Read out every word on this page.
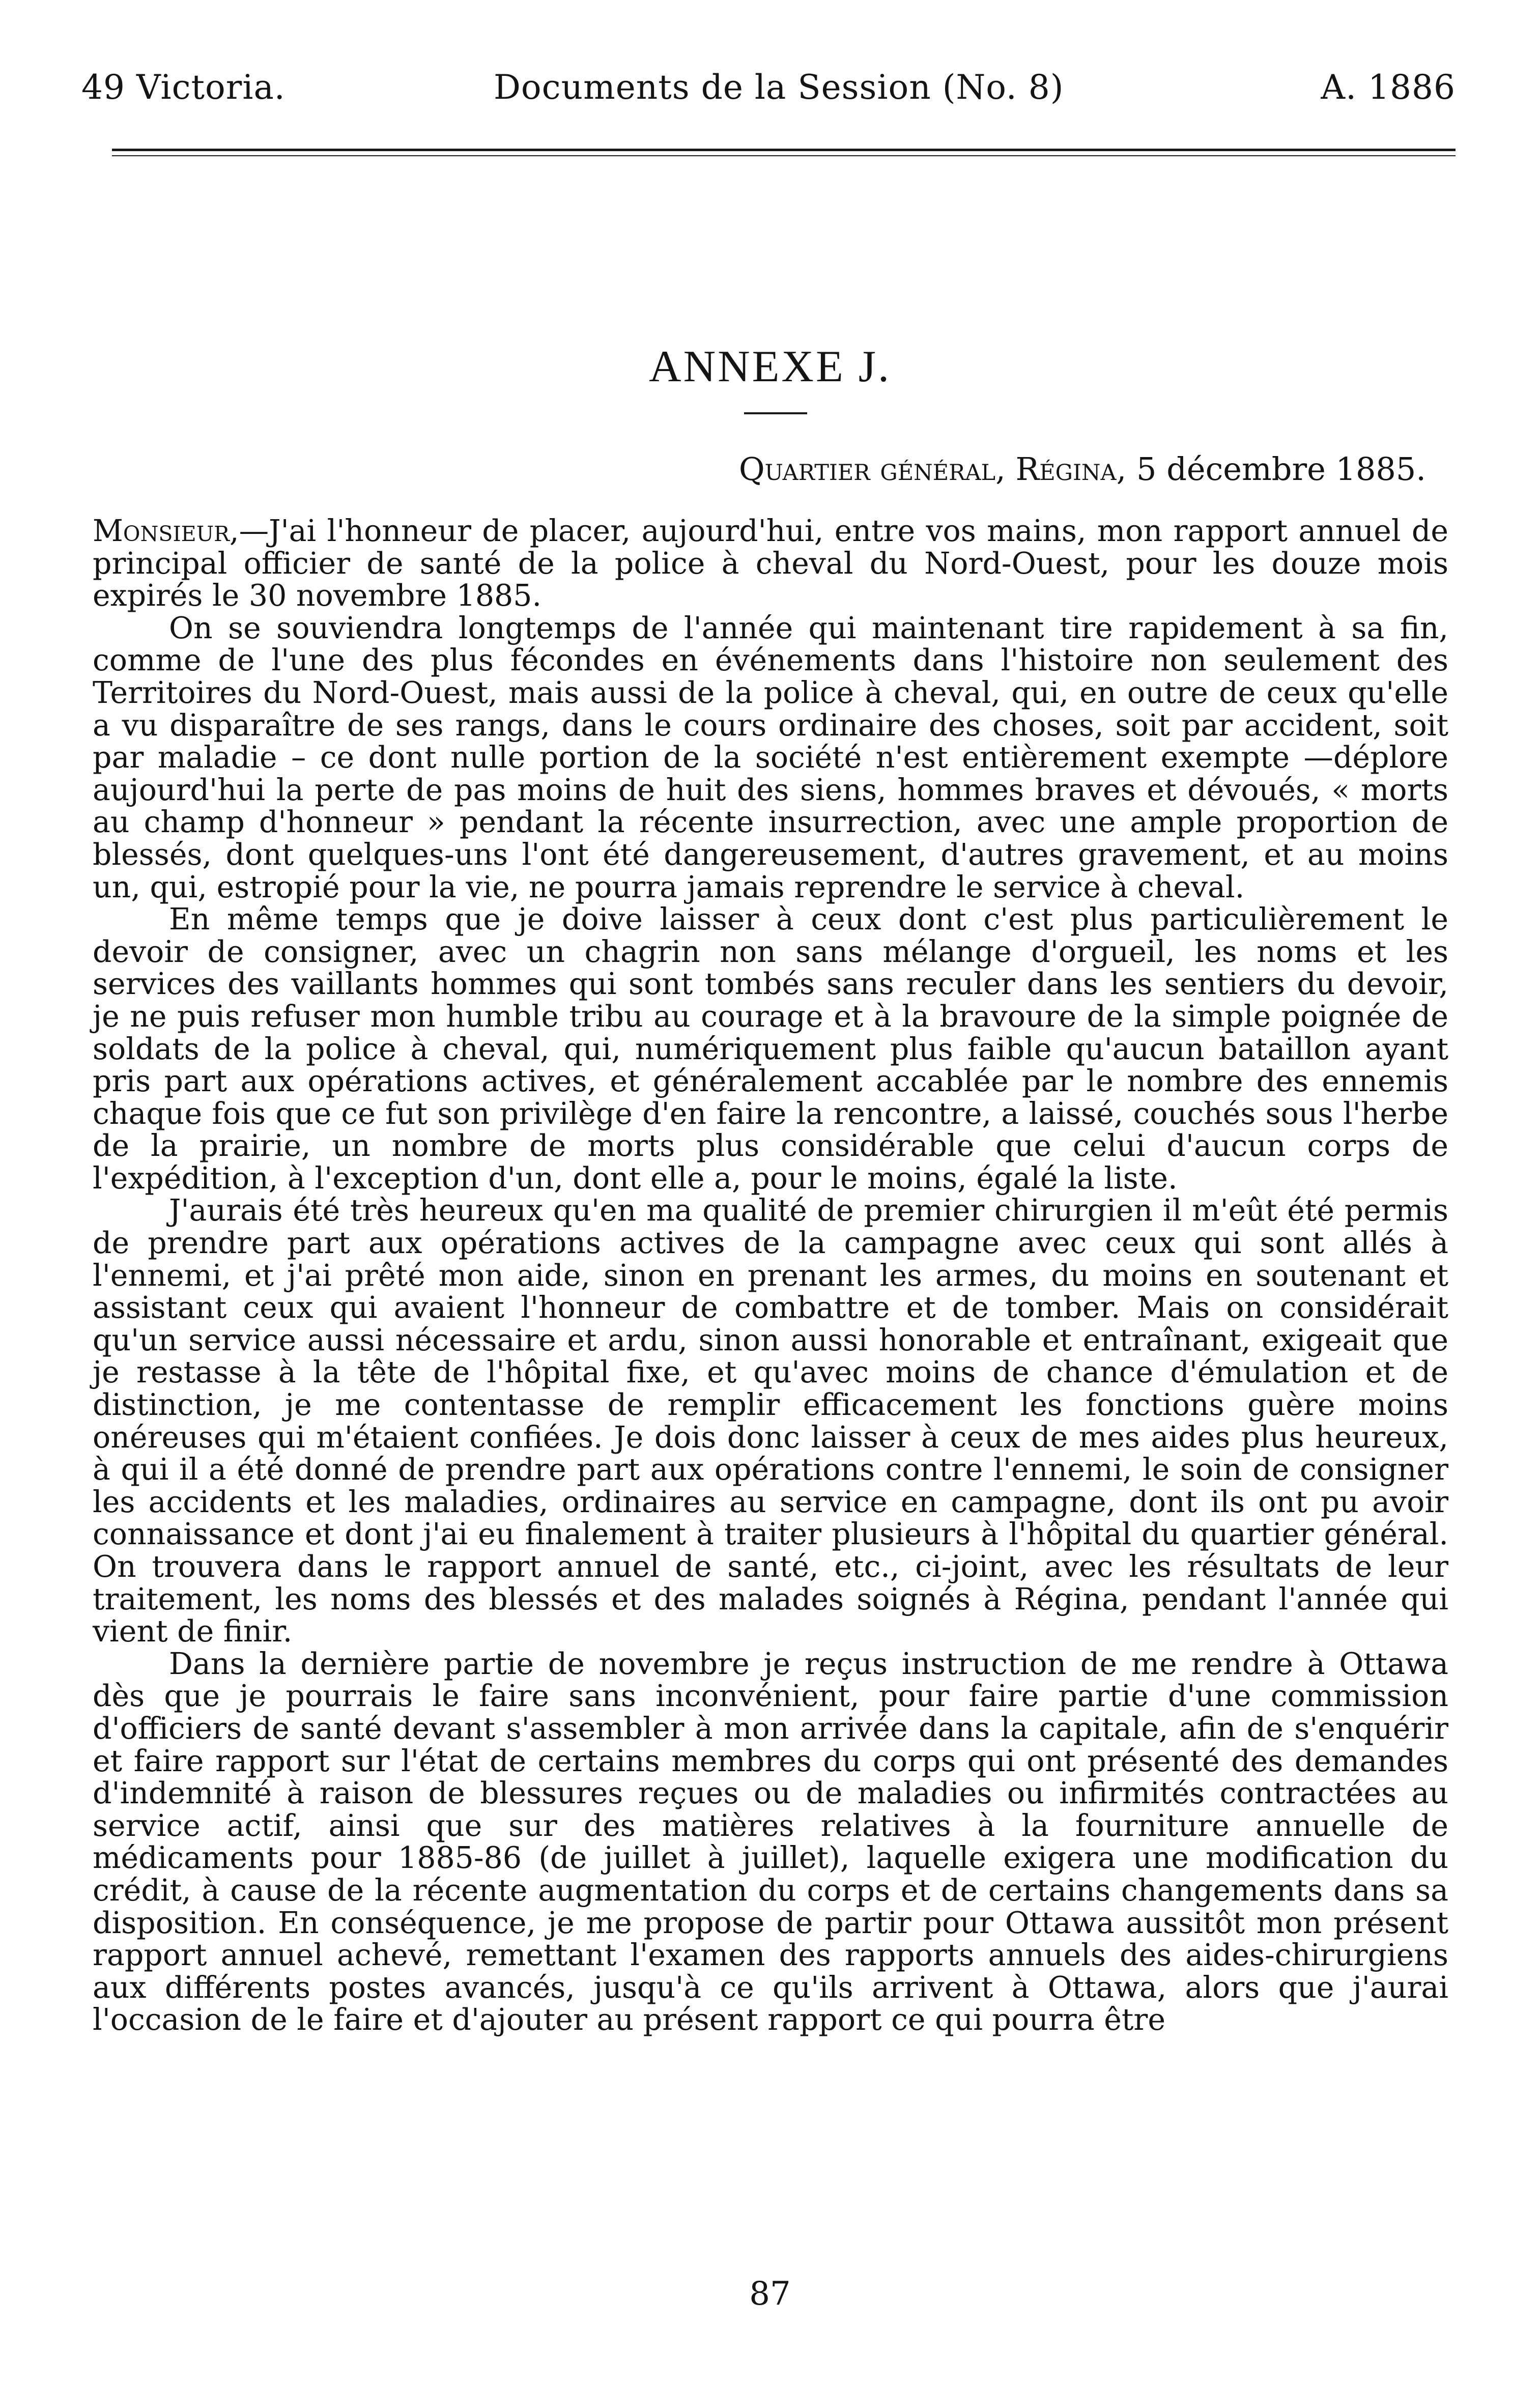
49 Victoria.	Documents de la Session (No. 8)	A. 1886
ANNEXE J.
Quartier général, Régina, 5 décembre 1885.

Monsieur,—J'ai l'honneur de placer, aujourd'hui, entre vos mains, mon rapport annuel de principal officier de santé de la police à cheval du Nord-Ouest, pour les douze mois expirés le 30 novembre 1885.

On se souviendra longtemps de l'année qui maintenant tire rapidement à sa fin, comme de l'une des plus fécondes en événements dans l'histoire non seulement des Territoires du Nord-Ouest, mais aussi de la police à cheval, qui, en outre de ceux qu'elle a vu disparaître de ses rangs, dans le cours ordinaire des choses, soit par accident, soit par maladie – ce dont nulle portion de la société n'est entièrement exempte —déplore aujourd'hui la perte de pas moins de huit des siens, hommes braves et dévoués, « morts au champ d'honneur » pendant la récente insurrection, avec une ample proportion de blessés, dont quelques-uns l'ont été dangereusement, d'autres gravement, et au moins un, qui, estropié pour la vie, ne pourra jamais reprendre le service à cheval.

En même temps que je doive laisser à ceux dont c'est plus particulièrement le devoir de consigner, avec un chagrin non sans mélange d'orgueil, les noms et les services des vaillants hommes qui sont tombés sans reculer dans les sentiers du devoir, je ne puis refuser mon humble tribu au courage et à la bravoure de la simple poignée de soldats de la police à cheval, qui, numériquement plus faible qu'aucun bataillon ayant pris part aux opérations actives, et généralement accablée par le nombre des ennemis chaque fois que ce fut son privilège d'en faire la rencontre, a laissé, couchés sous l'herbe de la prairie, un nombre de morts plus considérable que celui d'aucun corps de l'expédition, à l'exception d'un, dont elle a, pour le moins, égalé la liste.

J'aurais été très heureux qu'en ma qualité de premier chirurgien il m'eût été permis de prendre part aux opérations actives de la campagne avec ceux qui sont allés à l'ennemi, et j'ai prêté mon aide, sinon en prenant les armes, du moins en soutenant et assistant ceux qui avaient l'honneur de combattre et de tomber. Mais on considérait qu'un service aussi nécessaire et ardu, sinon aussi honorable et entraînant, exigeait que je restasse à la tête de l'hôpital fixe, et qu'avec moins de chance d'émulation et de distinction, je me contentasse de remplir efficacement les fonctions guère moins onéreuses qui m'étaient confiées. Je dois donc laisser à ceux de mes aides plus heureux, à qui il a été donné de prendre part aux opérations contre l'ennemi, le soin de consigner les accidents et les maladies, ordinaires au service en campagne, dont ils ont pu avoir connaissance et dont j'ai eu finalement à traiter plusieurs à l'hôpital du quartier général. On trouvera dans le rapport annuel de santé, etc., ci-joint, avec les résultats de leur traitement, les noms des blessés et des malades soignés à Régina, pendant l'année qui vient de finir.

Dans la dernière partie de novembre je reçus instruction de me rendre à Ottawa dès que je pourrais le faire sans inconvénient, pour faire partie d'une commission d'officiers de santé devant s'assembler à mon arrivée dans la capitale, afin de s'enquérir et faire rapport sur l'état de certains membres du corps qui ont présenté des demandes d'indemnité à raison de blessures reçues ou de maladies ou infirmités contractées au service actif, ainsi que sur des matières relatives à la fourniture annuelle de médicaments pour 1885-86 (de juillet à juillet), laquelle exigera une modification du crédit, à cause de la récente augmentation du corps et de certains changements dans sa disposition. En conséquence, je me propose de partir pour Ottawa aussitôt mon présent rapport annuel achevé, remettant l'examen des rapports annuels des aides-chirurgiens aux différents postes avancés, jusqu'à ce qu'ils arrivent à Ottawa, alors que j'aurai l'occasion de le faire et d'ajouter au présent rapport ce qui pourra être

87
